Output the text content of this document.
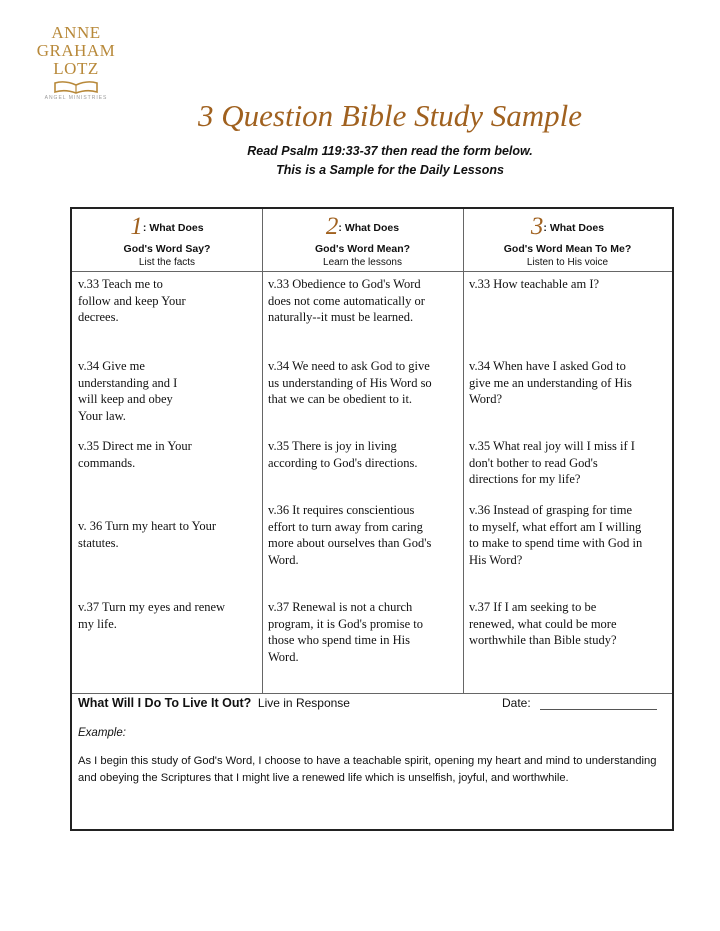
ANNE
GRAHAM
LOTZ
ANGEL MINISTRIES	3 Question Bible Study Sample
Read Psalm 119:33-37 then read the form below.
This is a Sample for the Daily Lessons
1: What Does
God's Word Say?
List the facts
2: What Does
God's Word Mean?
Learn the lessons
3: What Does
God's Word Mean To Me?
Listen to His voice
v.33 Teach me to
follow and keep Your
decrees.
v.33 Obedience to God's Word
does not come automatically or
naturally--it must be learned.
v.33 How teachable am I?
v.34 Give me
understanding and I
will keep and obey
Your law.
v.34 We need to ask God to give
us understanding of His Word so
that we can be obedient to it.
v.34 When have I asked God to
give me an understanding of His
Word?
v.35 Direct me in Your
commands.
v.35 There is joy in living
according to God's directions.
v.35 What real joy will I miss if I
don't bother to read God's
directions for my life?
v. 36 Turn my heart to Your
statutes.
v.36 It requires conscientious
effort to turn away from caring
more about ourselves than God's
Word.
v.36 Instead of grasping for time
to myself, what effort am I willing
to make to spend time with God in
His Word?
v.37 Turn my eyes and renew
my life.
v.37 Renewal is not a church
program, it is God's promise to
those who spend time in His
Word.
v.37 If I am seeking to be
renewed, what could be more
worthwhile than Bible study?
What Will I Do To Live It Out? Live in Response	Date:
Example:
As I begin this study of God's Word, I choose to have a teachable spirit, opening my heart and mind to understanding and obeying the Scriptures that I might live a renewed life which is unselfish, joyful, and worthwhile.
